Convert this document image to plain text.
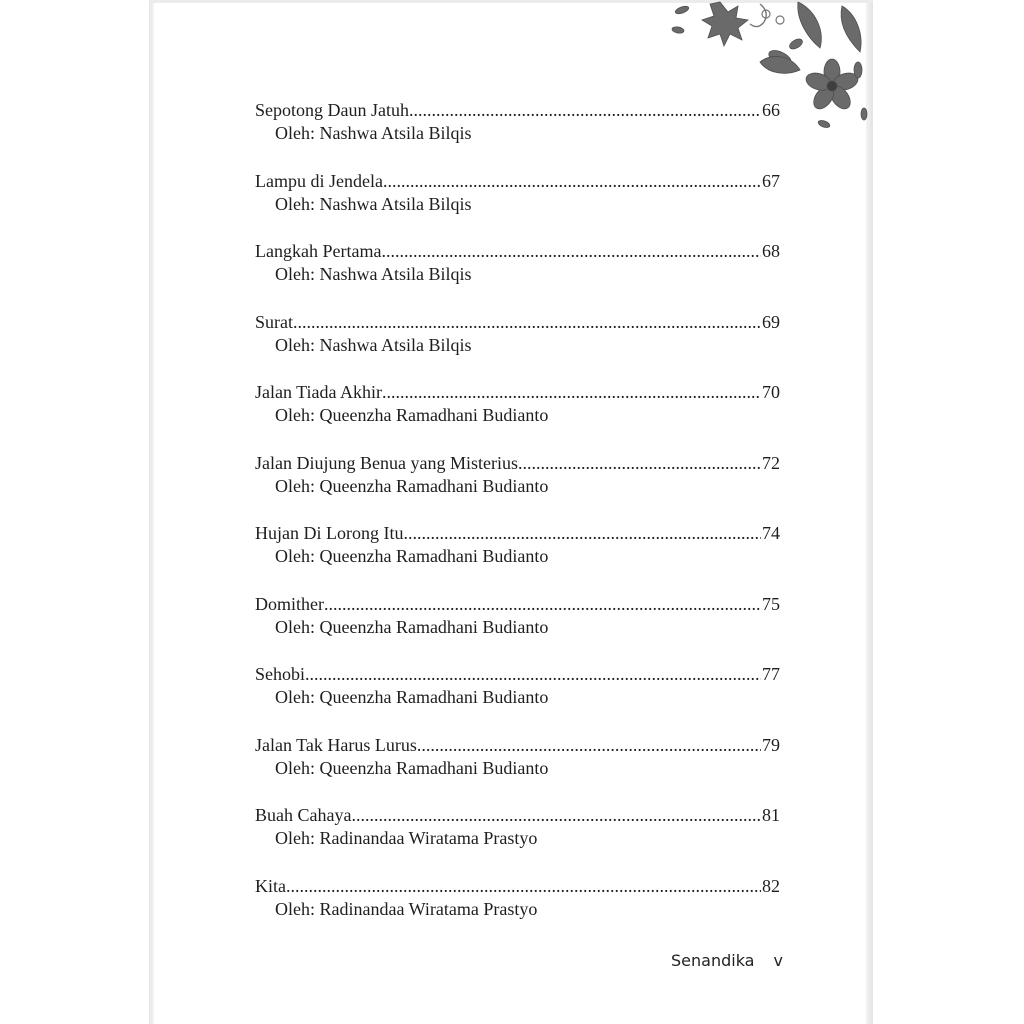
Sepotong Daun Jatuh .....	66
Oleh: Nashwa Atsila Bilqis
Lampu di Jendela .....	67
Oleh: Nashwa Atsila Bilqis
Langkah Pertama .....	68
Oleh: Nashwa Atsila Bilqis
Surat .....	69
Oleh: Nashwa Atsila Bilqis
Jalan Tiada Akhir .....	70
Oleh: Queenzha Ramadhani Budianto
Jalan Diujung Benua yang Misterius .....	72
Oleh: Queenzha Ramadhani Budianto
Hujan Di Lorong Itu .....	74
Oleh: Queenzha Ramadhani Budianto
Domither .....	75
Oleh: Queenzha Ramadhani Budianto
Sehobi .....	77
Oleh: Queenzha Ramadhani Budianto
Jalan Tak Harus Lurus .....	79
Oleh: Queenzha Ramadhani Budianto
Buah Cahaya .....	81
Oleh: Radinandaa Wiratama Prastyo
Kita .....	82
Oleh: Radinandaa Wiratama Prastyo
Senandika v
